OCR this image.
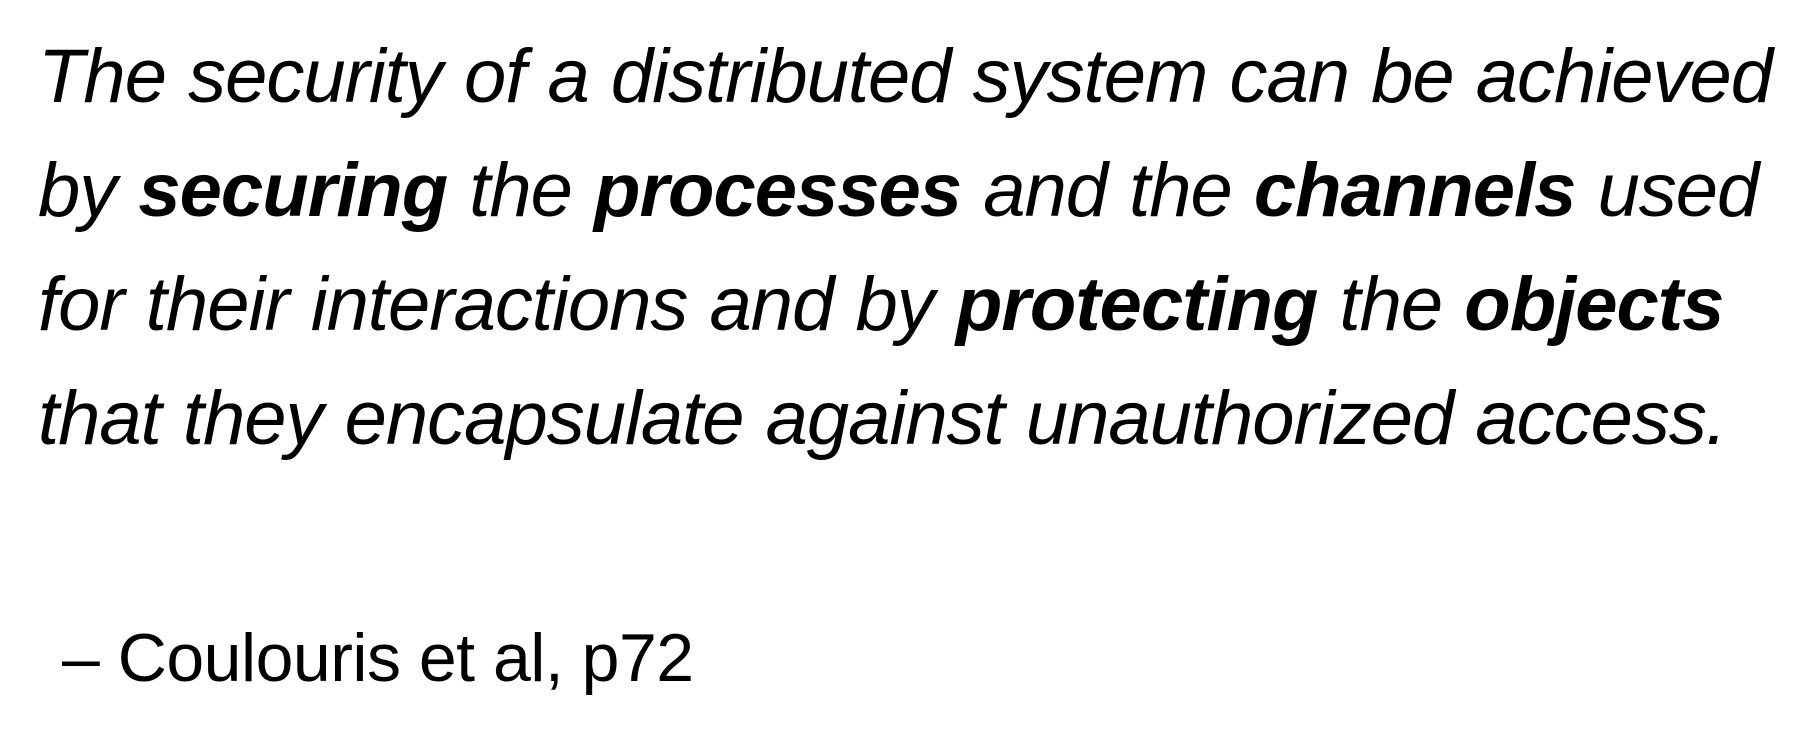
The security of a distributed system can be achieved by securing the processes and the channels used for their interactions and by protecting the objects that they encapsulate against unauthorized access.

– Coulouris et al, p72
